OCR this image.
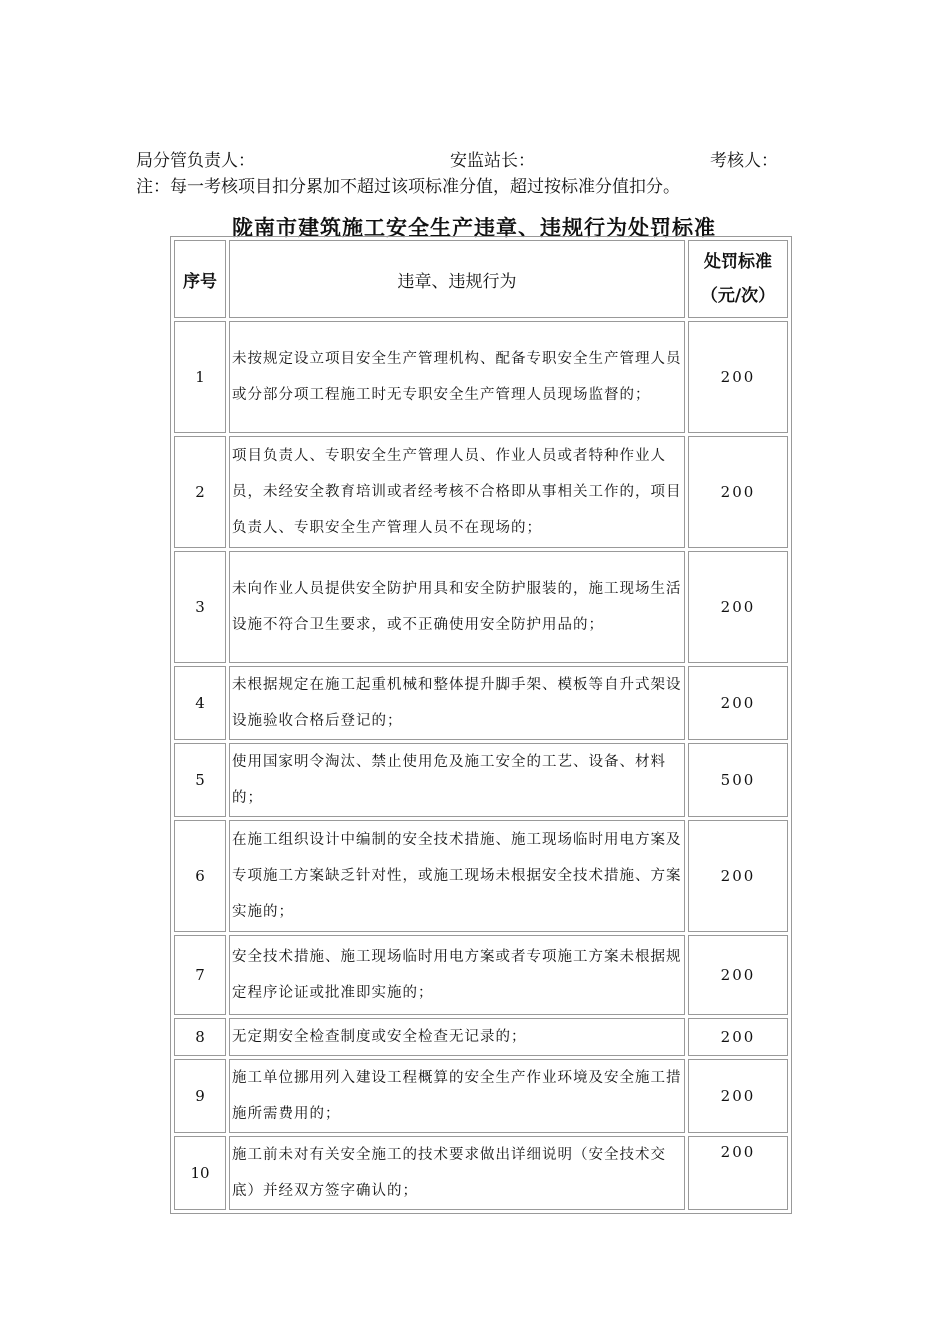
局分管负责人：	安监站长：	考核人：
注：每一考核项目扣分累加不超过该项标准分值，超过按标准分值扣分。
陇南市建筑施工安全生产违章、违规行为处罚标准
序号	违章、违规行为	处罚标准
（元/次）

1	未按规定设立项目安全生产管理机构、配备专职安全生产管理人员或分部分项工程施工时无专职安全生产管理人员现场监督的；	200
2	项目负责人、专职安全生产管理人员、作业人员或者特种作业人员，未经安全教育培训或者经考核不合格即从事相关工作的，项目负责人、专职安全生产管理人员不在现场的；	200
3	未向作业人员提供安全防护用具和安全防护服装的，施工现场生活设施不符合卫生要求，或不正确使用安全防护用品的；	200
4	未根据规定在施工起重机械和整体提升脚手架、模板等自升式架设设施验收合格后登记的；	200
5	使用国家明令淘汰、禁止使用危及施工安全的工艺、设备、材料的；	500
6	在施工组织设计中编制的安全技术措施、施工现场临时用电方案及专项施工方案缺乏针对性，或施工现场未根据安全技术措施、方案实施的；	200
7	安全技术措施、施工现场临时用电方案或者专项施工方案未根据规定程序论证或批准即实施的；	200
8	无定期安全检查制度或安全检查无记录的；	200
9	施工单位挪用列入建设工程概算的安全生产作业环境及安全施工措施所需费用的；	200
10	施工前未对有关安全施工的技术要求做出详细说明（安全技术交底）并经双方签字确认的；	200
